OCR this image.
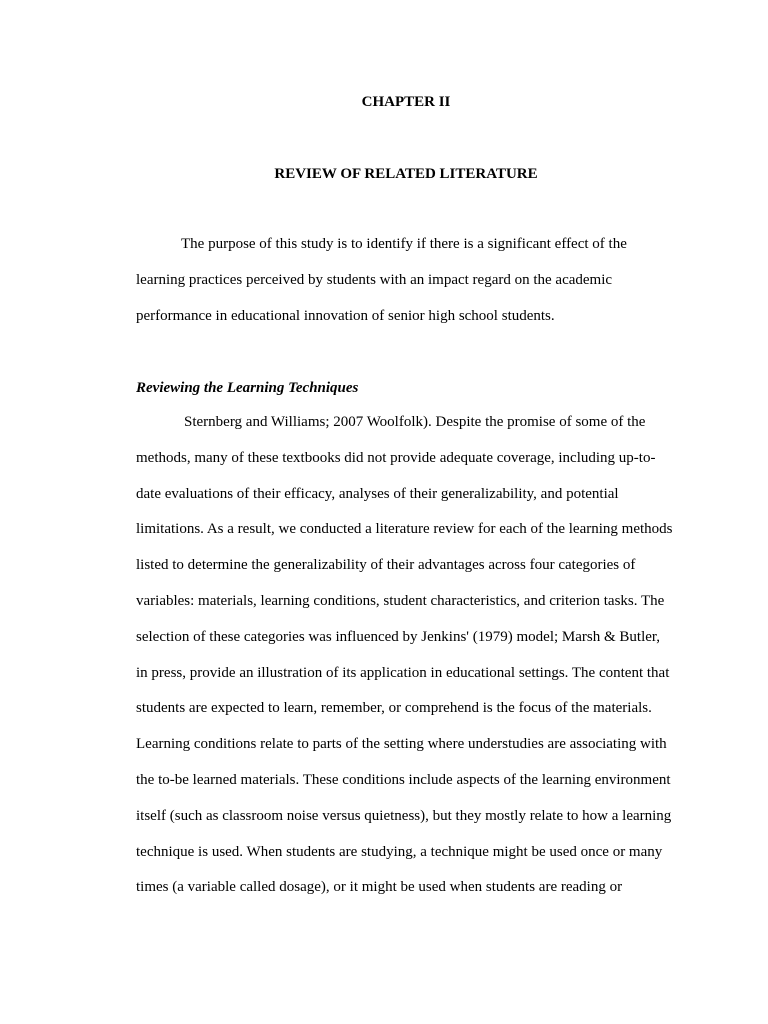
CHAPTER II
REVIEW OF RELATED LITERATURE
The purpose of this study is to identify if there is a significant effect of the
learning practices perceived by students with an impact regard on the academic
performance in educational innovation of senior high school students.
Reviewing the Learning Techniques
Sternberg and Williams; 2007 Woolfolk). Despite the promise of some of the
methods, many of these textbooks did not provide adequate coverage, including up-to-
date evaluations of their efficacy, analyses of their generalizability, and potential
limitations. As a result, we conducted a literature review for each of the learning methods
listed to determine the generalizability of their advantages across four categories of
variables: materials, learning conditions, student characteristics, and criterion tasks. The
selection of these categories was influenced by Jenkins' (1979) model; Marsh & Butler,
in press, provide an illustration of its application in educational settings. The content that
students are expected to learn, remember, or comprehend is the focus of the materials.
Learning conditions relate to parts of the setting where understudies are associating with
the to-be learned materials. These conditions include aspects of the learning environment
itself (such as classroom noise versus quietness), but they mostly relate to how a learning
technique is used. When students are studying, a technique might be used once or many
times (a variable called dosage), or it might be used when students are reading or
